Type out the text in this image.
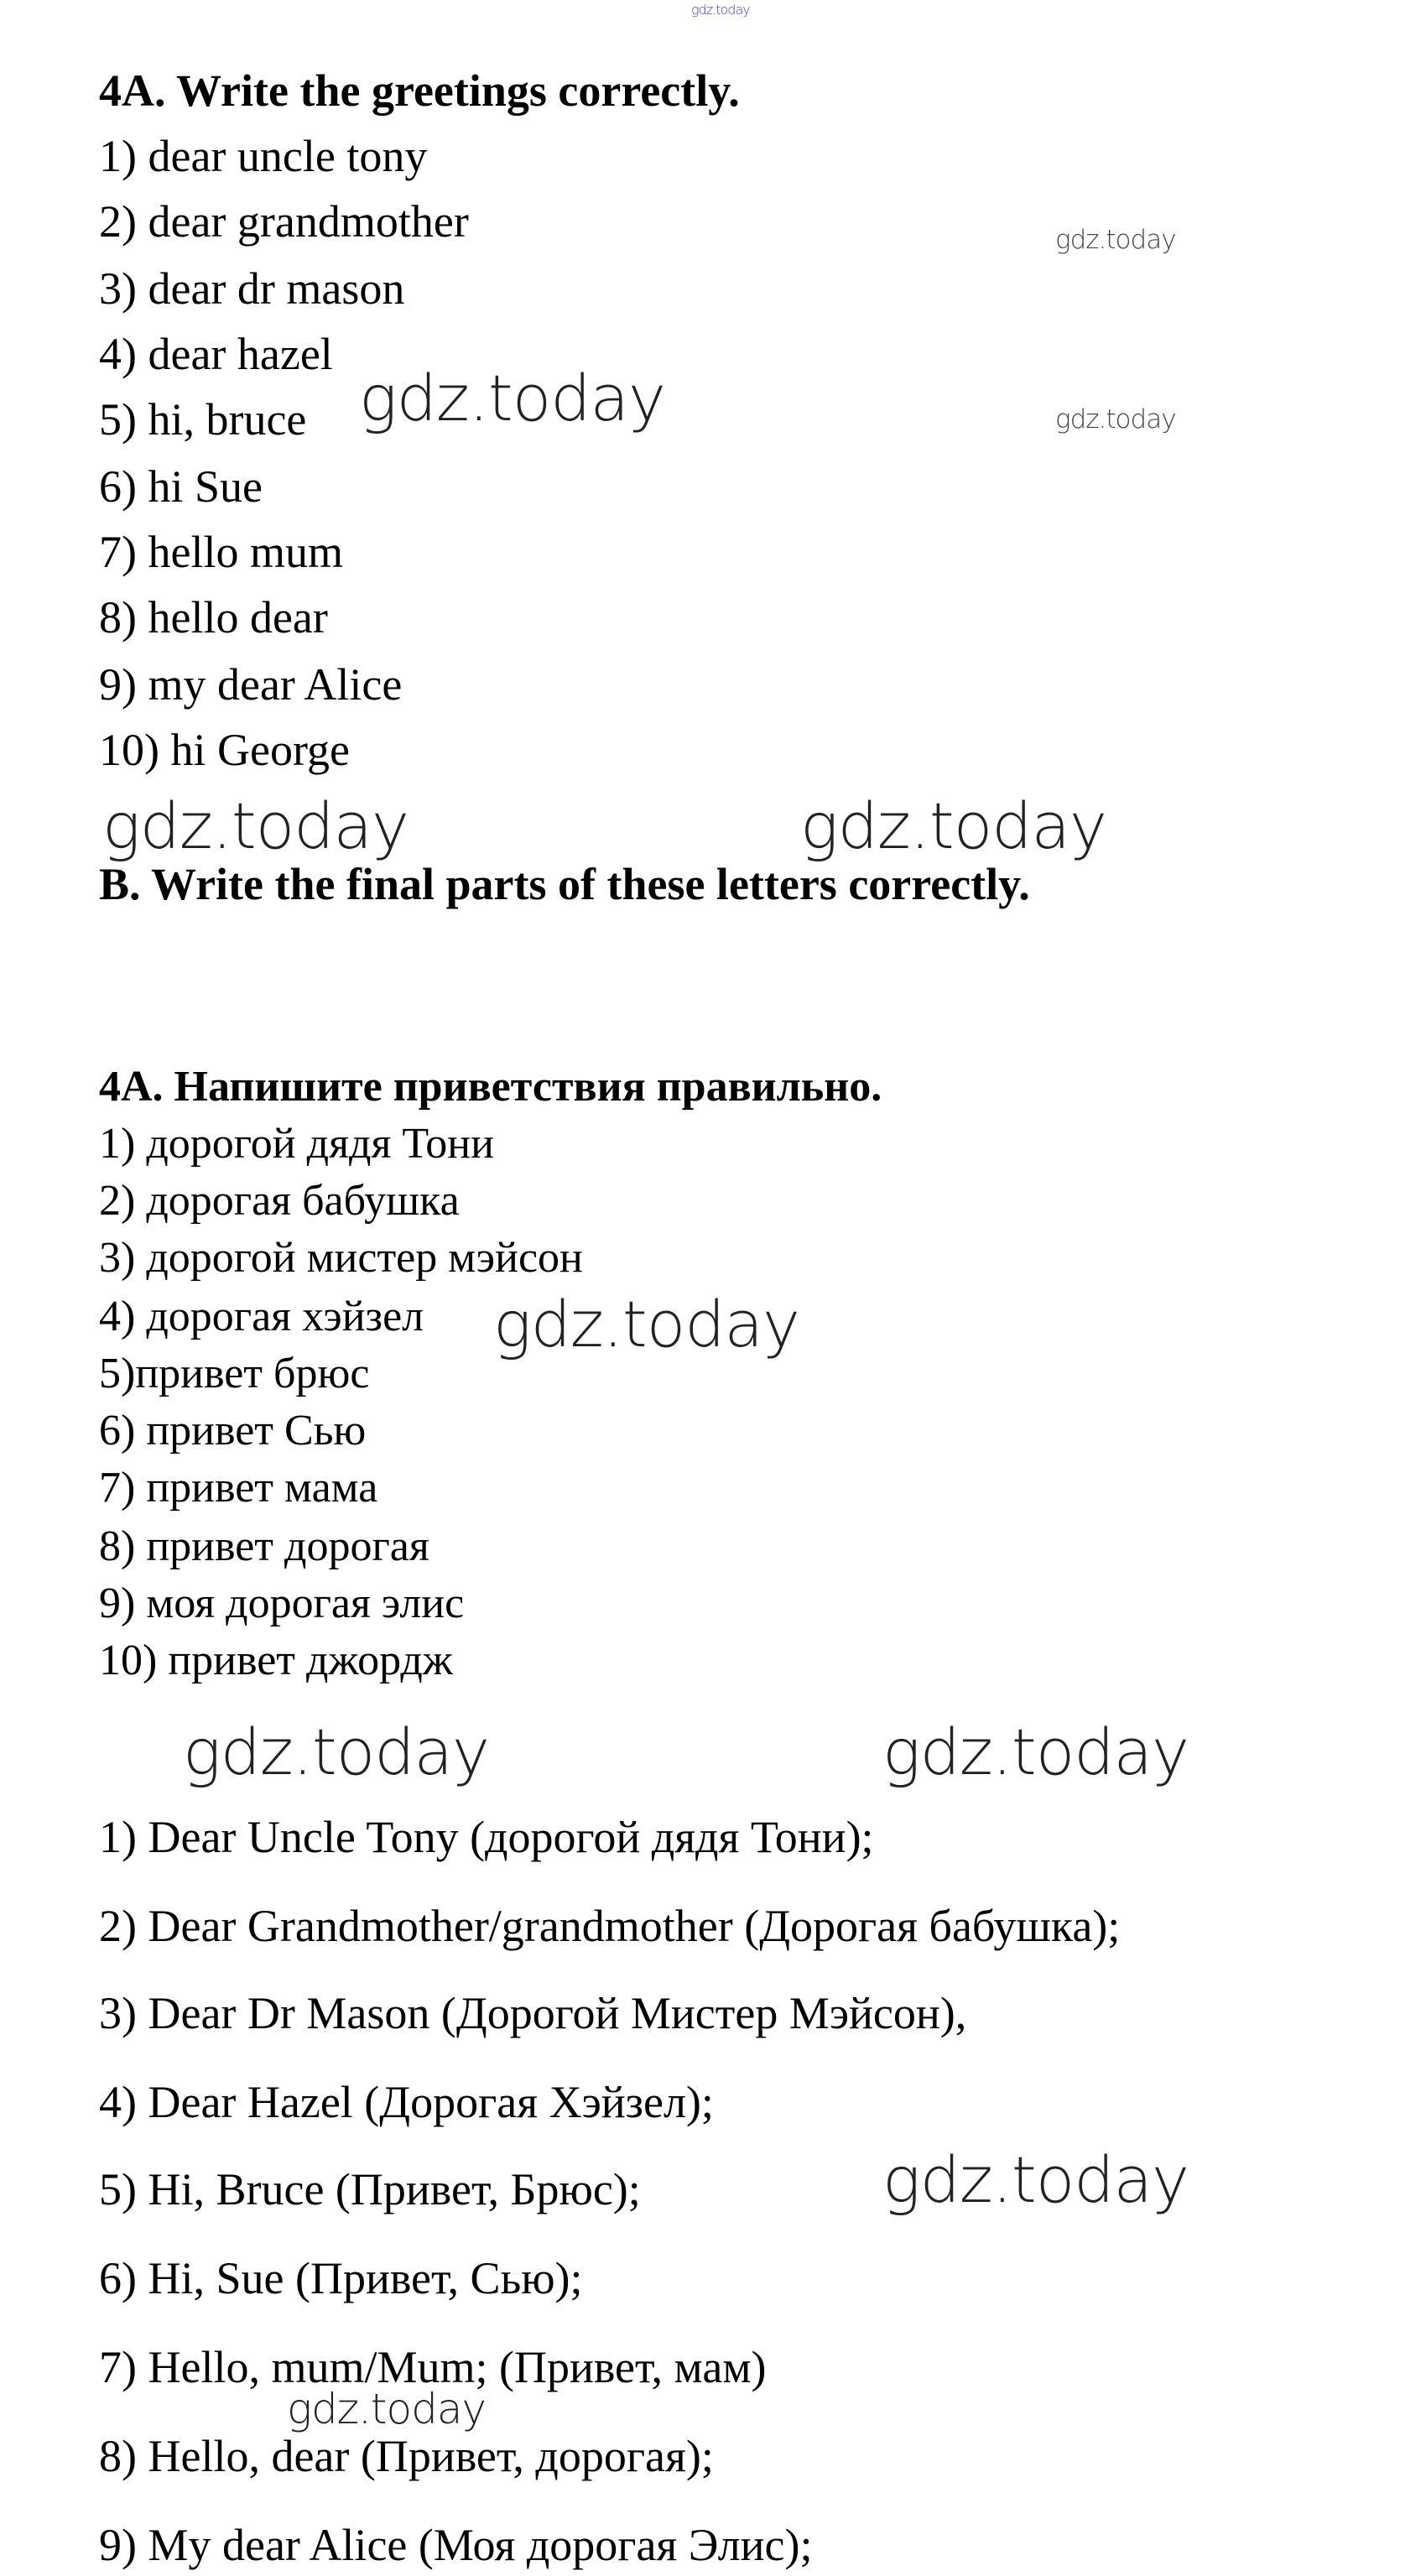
gdz.today
4A. Write the greetings correctly.
1) dear uncle tony
2) dear grandmother
3) dear dr mason
4) dear hazel
5) hi, bruce
6) hi Sue
7) hello mum
8) hello dear
9) my dear Alice
10) hi George
B. Write the final parts of these letters correctly.
gdz.today
gdz.today
gdz.today
gdz.today	gdz.today
4А. Напишите приветствия правильно.
1) дорогой дядя Тони
2) дорогая бабушка
3) дорогой мистер мэйсон
4) дорогая хэйзел
5)привет брюс
6) привет Сью
7) привет мама
8) привет дорогая
9) моя дорогая элис
10) привет джордж
gdz.today
gdz.today	gdz.today
1) Dear Uncle Tony (дорогой дядя Тони);
2) Dear Grandmother/grandmother (Дорогая бабушка);
3) Dear Dr Mason (Дорогой Мистер Мэйсон),
4) Dear Hazel (Дорогая Хэйзел);
5) Hi, Bruce (Привет, Брюс);
6) Hi, Sue (Привет, Сью);
7) Hello, mum/Mum; (Привет, мам)
8) Hello, dear (Привет, дорогая);
9) My dear Alice (Моя дорогая Элис);
gdz.today
gdz.today
